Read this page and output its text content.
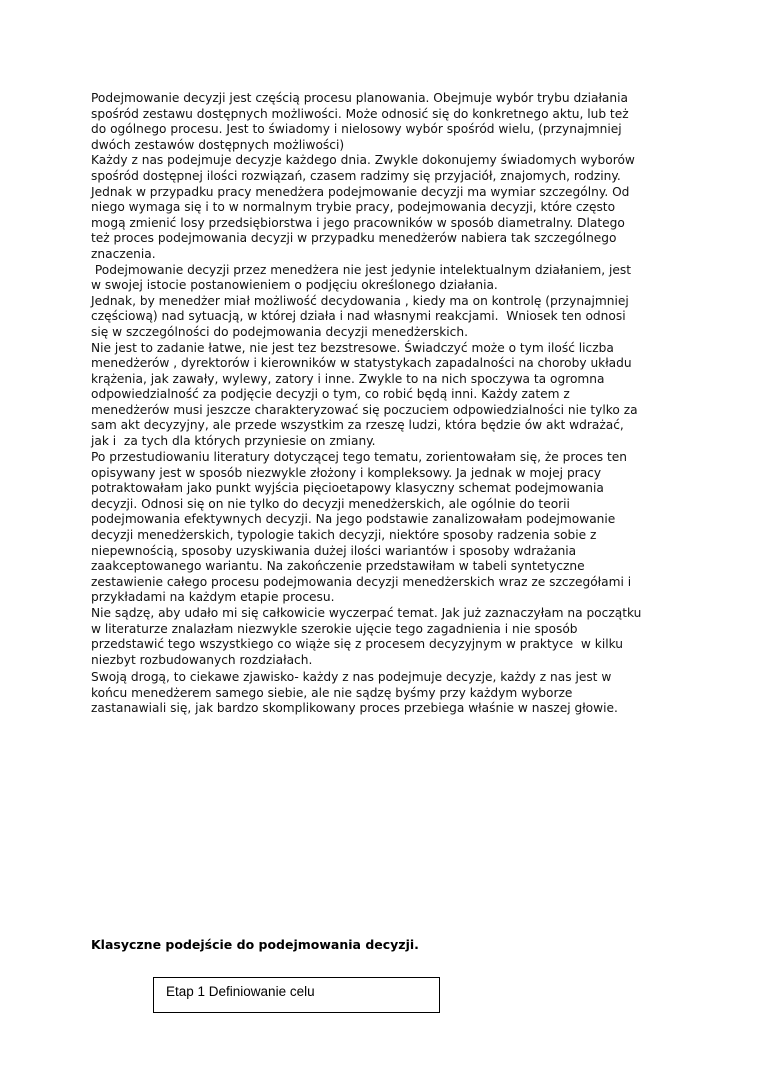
Podejmowanie decyzji jest częścią procesu planowania. Obejmuje wybór trybu działania
spośród zestawu dostępnych możliwości. Może odnosić się do konkretnego aktu, lub też
do ogólnego procesu. Jest to świadomy i nielosowy wybór spośród wielu, (przynajmniej
dwóch zestawów dostępnych możliwości)
Każdy z nas podejmuje decyzje każdego dnia. Zwykle dokonujemy świadomych wyborów
spośród dostępnej ilości rozwiązań, czasem radzimy się przyjaciół, znajomych, rodziny.
Jednak w przypadku pracy menedżera podejmowanie decyzji ma wymiar szczególny. Od
niego wymaga się i to w normalnym trybie pracy, podejmowania decyzji, które często
mogą zmienić losy przedsiębiorstwa i jego pracowników w sposób diametralny. Dlatego
też proces podejmowania decyzji w przypadku menedżerów nabiera tak szczególnego
znaczenia.
Podejmowanie decyzji przez menedżera nie jest jedynie intelektualnym działaniem, jest
w swojej istocie postanowieniem o podjęciu określonego działania.
Jednak, by menedżer miał możliwość decydowania , kiedy ma on kontrolę (przynajmniej
częściową) nad sytuacją, w której działa i nad własnymi reakcjami.  Wniosek ten odnosi
się w szczególności do podejmowania decyzji menedżerskich.
Nie jest to zadanie łatwe, nie jest tez bezstresowe. Świadczyć może o tym ilość liczba
menedżerów , dyrektorów i kierowników w statystykach zapadalności na choroby układu
krążenia, jak zawały, wylewy, zatory i inne. Zwykle to na nich spoczywa ta ogromna
odpowiedzialność za podjęcie decyzji o tym, co robić będą inni. Każdy zatem z
menedżerów musi jeszcze charakteryzować się poczuciem odpowiedzialności nie tylko za
sam akt decyzyjny, ale przede wszystkim za rzeszę ludzi, która będzie ów akt wdrażać,
jak i  za tych dla których przyniesie on zmiany.

Po przestudiowaniu literatury dotyczącej tego tematu, zorientowałam się, że proces ten
opisywany jest w sposób niezwykle złożony i kompleksowy. Ja jednak w mojej pracy
potraktowałam jako punkt wyjścia pięcioetapowy klasyczny schemat podejmowania
decyzji. Odnosi się on nie tylko do decyzji menedżerskich, ale ogólnie do teorii
podejmowania efektywnych decyzji. Na jego podstawie zanalizowałam podejmowanie
decyzji menedżerskich, typologie takich decyzji, niektóre sposoby radzenia sobie z
niepewnością, sposoby uzyskiwania dużej ilości wariantów i sposoby wdrażania
zaakceptowanego wariantu. Na zakończenie przedstawiłam w tabeli syntetyczne
zestawienie całego procesu podejmowania decyzji menedżerskich wraz ze szczegółami i
przykładami na każdym etapie procesu.
Nie sądzę, aby udało mi się całkowicie wyczerpać temat. Jak już zaznaczyłam na początku
w literaturze znalazłam niezwykle szerokie ujęcie tego zagadnienia i nie sposób
przedstawić tego wszystkiego co wiąże się z procesem decyzyjnym w praktyce  w kilku
niezbyt rozbudowanych rozdziałach.

Swoją drogą, to ciekawe zjawisko- każdy z nas podejmuje decyzje, każdy z nas jest w
końcu menedżerem samego siebie, ale nie sądzę byśmy przy każdym wyborze
zastanawiali się, jak bardzo skomplikowany proces przebiega właśnie w naszej głowie.

Klasyczne podejście do podejmowania decyzji.

Etap 1 Definiowanie celu
